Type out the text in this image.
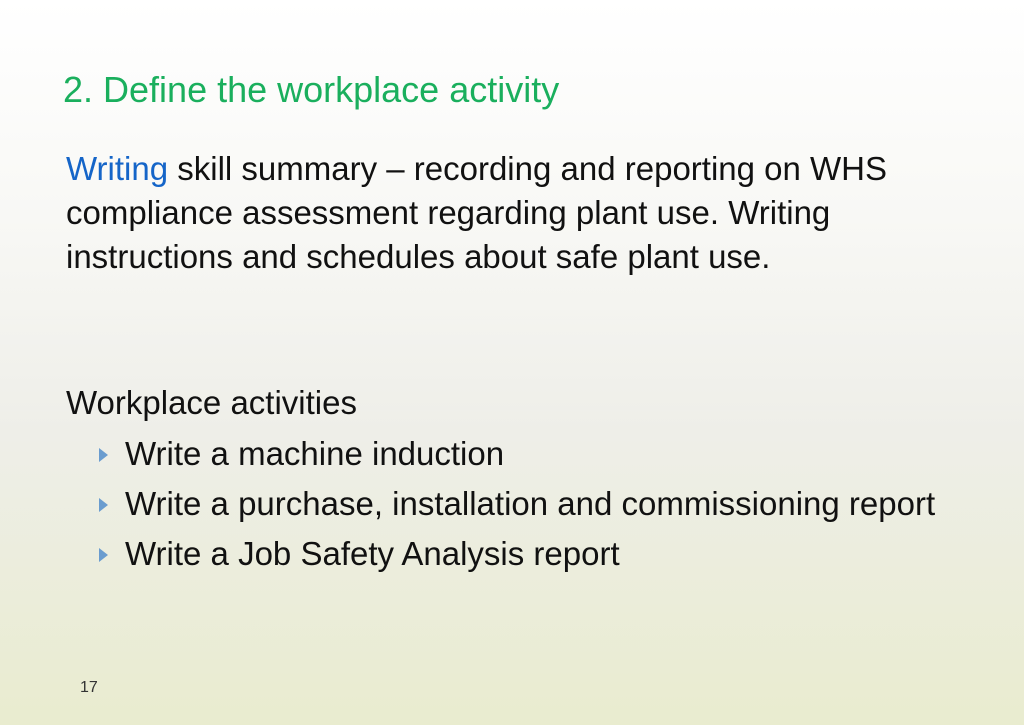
2. Define the workplace activity
Writing skill summary – recording and reporting on WHS compliance assessment regarding plant use. Writing instructions and schedules about safe plant use.
Workplace activities
Write a machine induction
Write a purchase, installation and commissioning report
Write a Job Safety Analysis report
17
